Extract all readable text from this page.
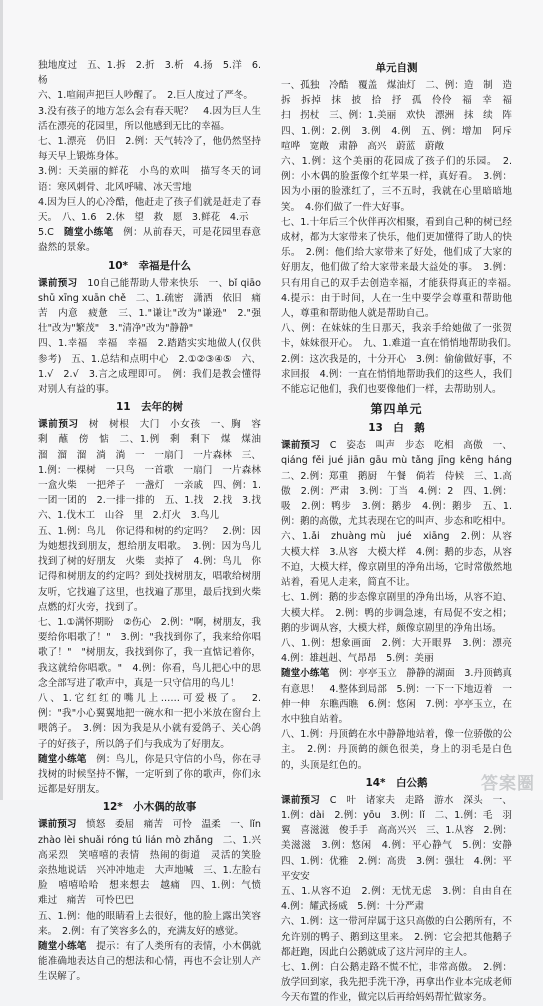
独地度过　五、1.拆　2.折　3.析　4.扬　5.洋　6.杨

六、1.喧闹声把巨人吵醒了。　2.巨人度过了严冬。

3.没有孩子的地方怎么会有春天呢？　4.因为巨人生活在漂亮的花园里，所以他感到无比的幸福。

七、1.漂亮　仍旧　2.例：天气转冷了，他仍然坚持每天早上锻炼身体。

3.例：天美丽的鲜花　小鸟的欢叫　描写冬天的词语：寒风刺骨、北风呼啸、冰天雪地

4.因为巨人的心冷酷，他赶走了孩子们就是赶走了春天。　八、1.6　2.休　望　救　愿　3.鲜花　4.示

5.C　随堂小练笔　 例：从前春天，可是花园里春意盎然的景象。

10*　幸福是什么

课前预习　 10自己能帮助人带来快乐　一、bǐ qiāo shǔ xīng xuān chě　二、1.疏密　潇洒　依旧　痛苦　内意　疲惫　三、1."谦让"改为"谦逊"　2."强壮"改为"繁茂"　3."清净"改为"静静"

四、1.幸福　幸福　幸福　2.踏踏实实地做人(仅供参考)　五、1.总结和点明中心　2.①②③④⑤　六、1.√　2.√　3.言之成理即可。　例：我们是教会懂得对别人有益的事。

11　去年的树

课前预习　 树　树根　大门　小女孩　一、胸　容　剩　蘸　傍　惦　二、1.例　剩　剩下　煤　煤油　溜　溜　溜　淌　淌　一　一扇门　一片森林　三、1.例：一棵树　一只鸟　一首歌　一扇门　一片森林　一盒火柴　一把斧子　一盏灯　一亲戚　四、例：1.一团一团的　2.一排一排的　五、1.找　2.找　3.找　六、1.伐木工　山谷　里　2.灯火　3.鸟儿

五、1.例：鸟儿　你记得和树的约定吗？　2.例：因为她想找到朋友，想给朋友唱歌。　3.例：因为鸟儿找到了树的好朋友　火柴　卖掉了　4.例：鸟儿　你记得和树朋友的约定吗？到处找树朋友，唱歌给树朋友听，它找遍了这里，也找遍了那里，最后找到火柴点燃的灯火旁，找到了。

七、1.①满怀期盼　②伤心　2.例："啊，树朋友，我要给你唱歌了！"　3.例："我找到你了，我来给你唱歌了！"　"树朋友，我找到你了，我一直惦记着你，我这就给你唱歌。"　4.例：你看，鸟儿把心中的思念全部写进了歌声中，真是一只守信用的鸟儿！

八、1.它红红的嘴儿上……可爱极了。　2.例："我"小心翼翼地把一碗水和一把小米放在窗台上喂鸽子。　3.例：因为我是从小就有爱鸽子、关心鸽子的好孩子，所以鸽子们与我成为了好朋友。

随堂小练笔　 例：鸟儿，你是只守信的小鸟，你在寻找树的时候坚持不懈，一定听到了你的歌声，你们永远都是好朋友。

12*　小木偶的故事

课前预习　 愤怒　委屈　痛苦　可怜　温柔　一、lǐn zhào lèi shuǎi róng tú lián mò zhǎng　二、1.兴高采烈　笑嘻嘻的表情　热闹的街道　灵活的笑脸　亲热地说话　兴冲冲地走　大声地喊　三、1.左脸右脸　嘻嘻哈哈　想来想去　越痛　四、1.例：气愤　难过　痛苦　可怜巴巴

五、1.例：他的眼睛看上去很好，他的脸上露出笑容来。　2.例：有了笑容多么的，充满友好的感觉。

随堂小练笔　 提示：有了人类所有的表情，小木偶就能准确地表达自己的想法和心情，再也不会让别人产生误解了。

单元自测

一、孤独　冷酷　覆盖　煤油灯　二、例：造　制　造　拆　拆掉　抹　披　拾　抒　孤　伶伶　福　幸　福　扫　拐杖　三、例：1.美丽　欢快　漂洲　抹　续　阵　四、1.例：2.例　3.例　4.例　五、例：增加　阿斥　喧哗　宽敞　肃静　高兴　蔚蓝　蔚敞

六、1.例：这个美丽的花园成了孩子们的乐园。　2.例：小木偶的脸蛋像个红苹果一样，真好看。　3.例：因为小丽的脸涨红了，三不五时，我就在心里暗暗地笑。　4.你们做了一件大好事。

七、1.十年后三个伙伴再次相聚，看到自己种的树已经成材，都为大家带来了快乐，他们更加懂得了助人的快乐。　2.例：他们给大家带来了好处，他们成了大家的好朋友，他们做了给大家带来最大益处的事。　3.例：只有用自己的双手去创造幸福，才能获得真正的幸福。　4.提示：由于时间，人在一生中要学会尊重和帮助他人，尊重和帮助他人就是帮助自己。

八、例：在妹妹的生日那天，我亲手给她做了一张贺卡，妹妹很开心。　九、1.难道一直在悄悄地帮助我们。　2.例：这次我是的，十分开心　3.例：偷偷做好事，不求回报　4.例：一直在悄悄地帮助我们的这些人，我们不能忘记他们，我们也要像他们一样，去帮助别人。

第四单元
13　白　鹅

课前预习　 C　姿态　叫声　步态　吃相　高傲　一、qiáng fěi jué jiān gāu mù tǎng jīng kēng háng　二、2.例：郑重　鹅厨　午餐　倘若　侍候　三、1.高傲　2.例：严肃　3.例：丁当　4.例：2　四、1.例：吸　2.例：鸭步　3.例：鹅步　4.例：鹅步　五、1.例：鹅的高傲，尤其表现在它的叫声、步态和吃相中。

六、1.ǎi　zhuàng mù　jué　xiāng　2.例：从容　大模大样　3.从容　大模大样　4.例：鹅的步态，从容不迫，大模大样，像京剧里的净角出场，它时常傲然地站着，看见人走来，简直不让。

七、1.例：鹅的步态像京剧里的净角出场，从容不迫、大模大样。　2.例：鸭的步调急速，有局促不安之相；鹅的步调从容，大模大样，颇像京剧里的净角出场。

八、1.例：想象画面　2.例：大开眼界　3.例：漂亮　4.例：雄赳赳、气昂昂　5.例：美丽

随堂小练笔　 例：亭亭玉立　静静的湖面　3.丹顶鹤真有意思！　4.整体到局部　5.例：一下一下地迈着　一伸一伸　东瞧西瞧　6.例：悠闲　7.例：亭亭玉立，在水中独自站着。

八、1.例：丹顶鹤在水中静静地站着，像一位骄傲的公主。　2.例：丹顶鹤的颜色很美，身上的羽毛是白色的，头顶是红色的。

14*　白公鹅

课前预习　 C　叶　诸家夫　走路　游水　深头　一、1.例：dài　2.例：yōu　3.例：lǐ　二、1.例：毛　羽翼　喜滋滋　俊手手　高高兴兴　三、1.从容　2.例：美滋滋　3.例：悠闲　4.例：平心静气　5.例：安静　四、1.例：优雅　2.例：高贵　3.例：强壮　4.例：平平安安

五、1.从容不迫　2.例：无忧无虑　3.例：自由自在　4.例：耀武扬威　5.例：十分严肃

六、1.例：这一带河岸属于这只高傲的白公鹅所有，不允许别的鸭子、鹅到这里来。　2.例：它会把其他鹅子都赶跑，因此白公鹅就成了这片河岸的主人。

七、1.例：白公鹅走路不慌不忙，非常高傲。　2.例：放学回到家，我先把手洗干净，再拿出作业本完成老师今天布置的作业，做完以后再给妈妈帮忙做家务。

答案圈
